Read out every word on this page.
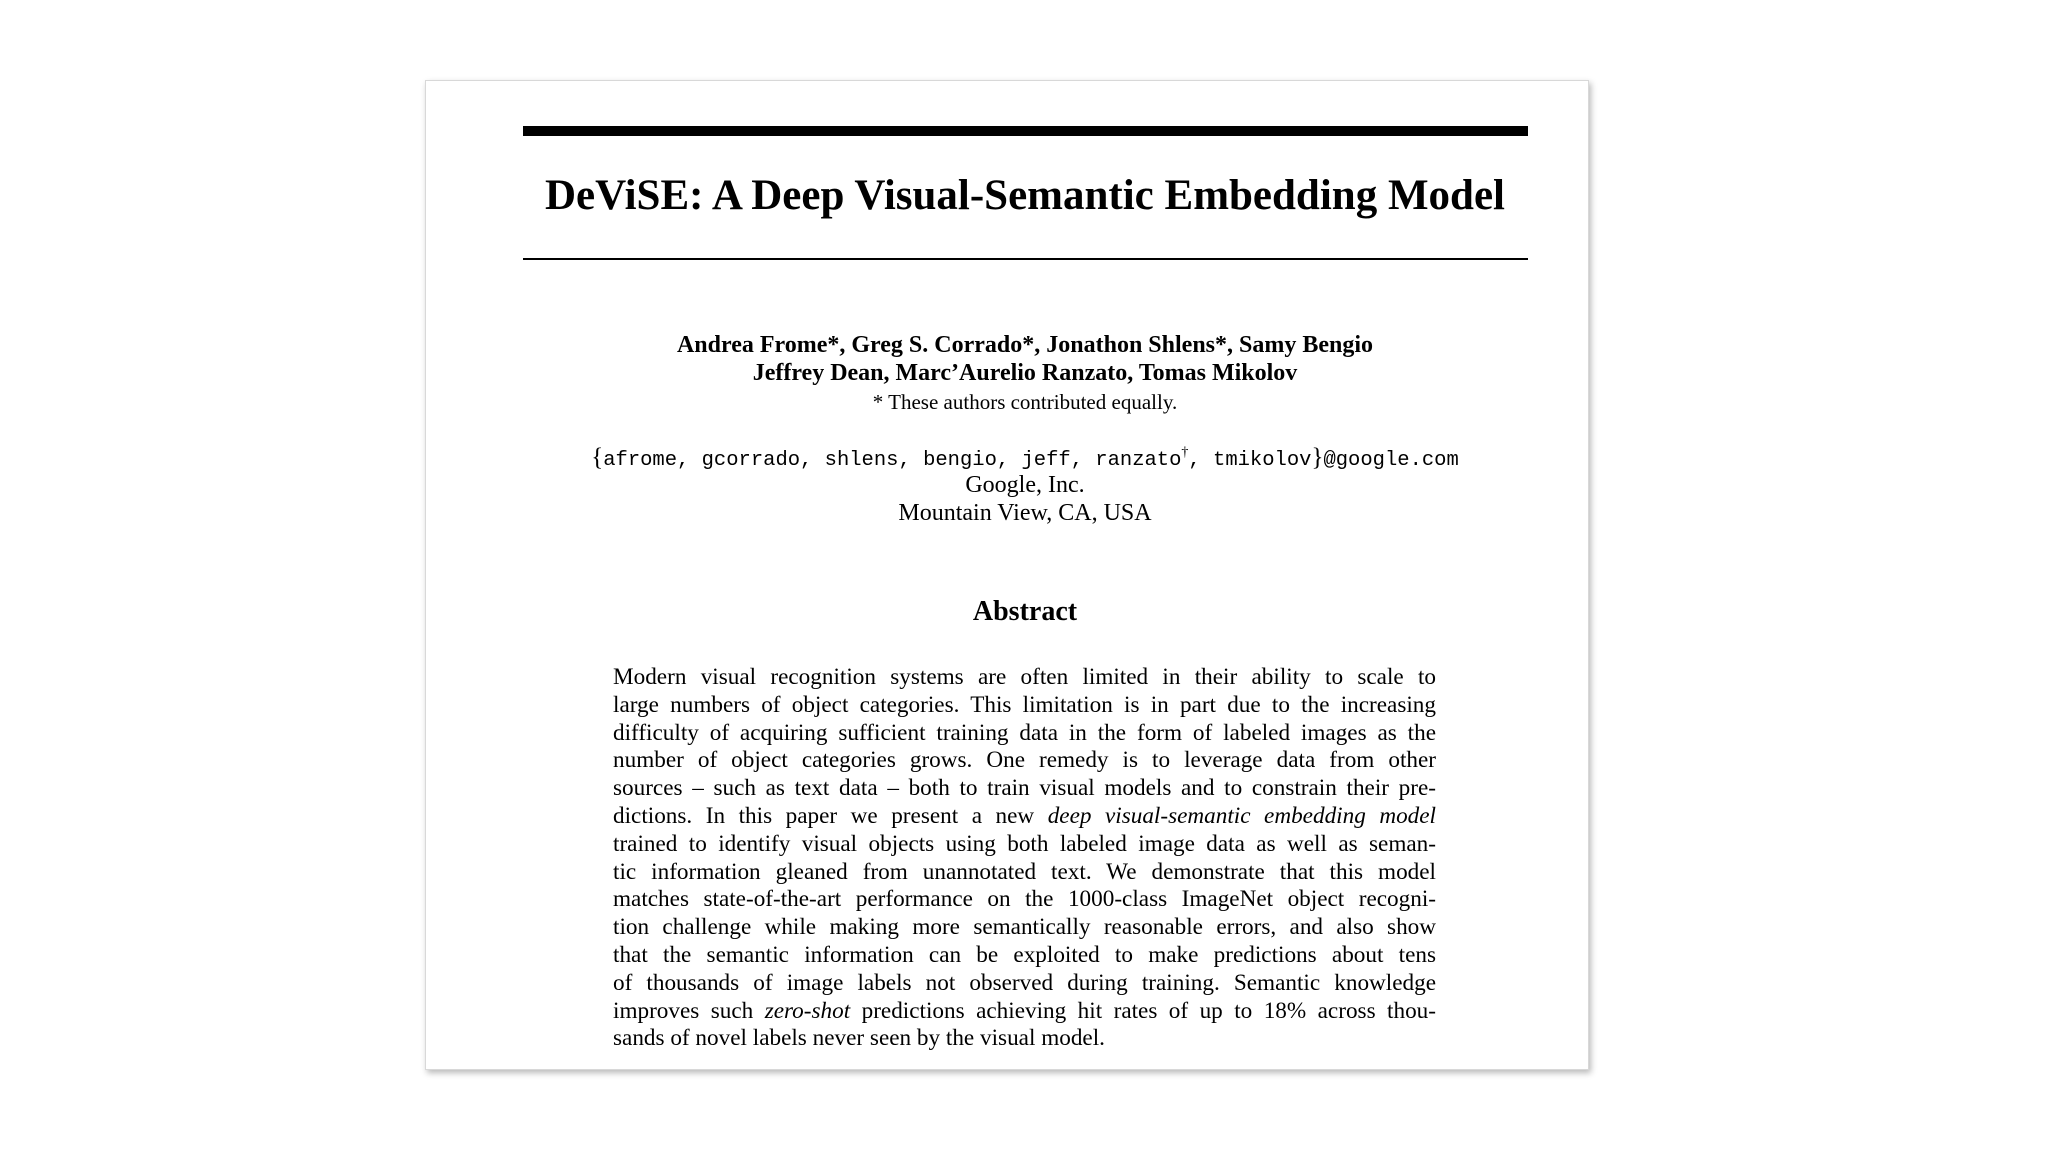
DeViSE: A Deep Visual-Semantic Embedding Model
Andrea Frome*, Greg S. Corrado*, Jonathon Shlens*, Samy Bengio
Jeffrey Dean, Marc’Aurelio Ranzato, Tomas Mikolov
* These authors contributed equally.
{afrome, gcorrado, shlens, bengio, jeff, ranzato†, tmikolov}@google.com
Google, Inc.
Mountain View, CA, USA
Abstract
Modern visual recognition systems are often limited in their ability to scale to
large numbers of object categories. This limitation is in part due to the increasing
difficulty of acquiring sufficient training data in the form of labeled images as the
number of object categories grows. One remedy is to leverage data from other
sources – such as text data – both to train visual models and to constrain their pre-
dictions. In this paper we present a new deep visual-semantic embedding model
trained to identify visual objects using both labeled image data as well as seman-
tic information gleaned from unannotated text. We demonstrate that this model
matches state-of-the-art performance on the 1000-class ImageNet object recogni-
tion challenge while making more semantically reasonable errors, and also show
that the semantic information can be exploited to make predictions about tens
of thousands of image labels not observed during training. Semantic knowledge
improves such zero-shot predictions achieving hit rates of up to 18% across thou-
sands of novel labels never seen by the visual model.
